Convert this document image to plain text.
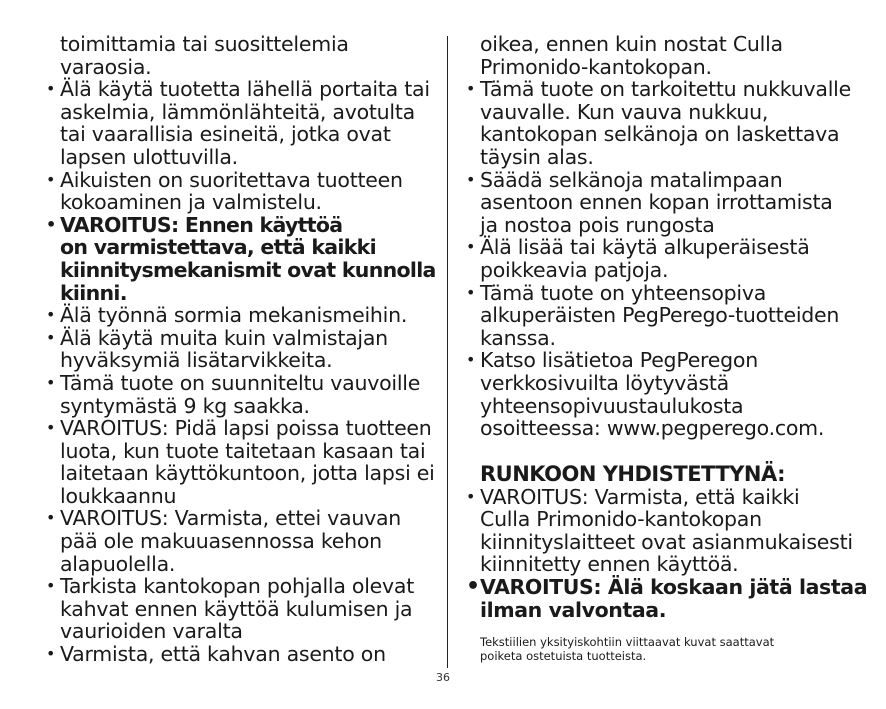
toimittamia tai suosittelemia
varaosia.
• Älä käytä tuotetta lähellä portaita tai
askelmia, lämmönlähteitä, avotulta
tai vaarallisia esineitä, jotka ovat
lapsen ulottuvilla.
• Aikuisten on suoritettava tuotteen
kokoaminen ja valmistelu.
• VAROITUS: Ennen käyttöä
on varmistettava, että kaikki
kiinnitysmekanismit ovat kunnolla
kiinni.
• Älä työnnä sormia mekanismeihin.
• Älä käytä muita kuin valmistajan
hyväksymiä lisätarvikkeita.
• Tämä tuote on suunniteltu vauvoille
syntymästä 9 kg saakka.
• VAROITUS: Pidä lapsi poissa tuotteen
luota, kun tuote taitetaan kasaan tai
laitetaan käyttökuntoon, jotta lapsi ei
loukkaannu
• VAROITUS: Varmista, ettei vauvan
pää ole makuuasennossa kehon
alapuolella.
• Tarkista kantokopan pohjalla olevat
kahvat ennen käyttöä kulumisen ja
vaurioiden varalta
• Varmista, että kahvan asento on
oikea, ennen kuin nostat Culla
Primonido-kantokopan.
• Tämä tuote on tarkoitettu nukkuvalle
vauvalle. Kun vauva nukkuu,
kantokopan selkänoja on laskettava
täysin alas.
• Säädä selkänoja matalimpaan
asentoon ennen kopan irrottamista
ja nostoa pois rungosta
• Älä lisää tai käytä alkuperäisestä
poikkeavia patjoja.
• Tämä tuote on yhteensopiva
alkuperäisten PegPerego-tuotteiden
kanssa.
• Katso lisätietoa PegPeregon
verkkosivuilta löytyvästä
yhteensopivuustaulukosta
osoitteessa: www.pegperego.com.
RUNKOON YHDISTETTYNÄ:
• VAROITUS: Varmista, että kaikki
Culla Primonido-kantokopan
kiinnityslaitteet ovat asianmukaisesti
kiinnitetty ennen käyttöä.
• VAROITUS: Älä koskaan jätä lastaa
ilman valvontaa.
Tekstiilien yksityiskohtiin viittaavat kuvat saattavat
poiketa ostetuista tuotteista.
36
